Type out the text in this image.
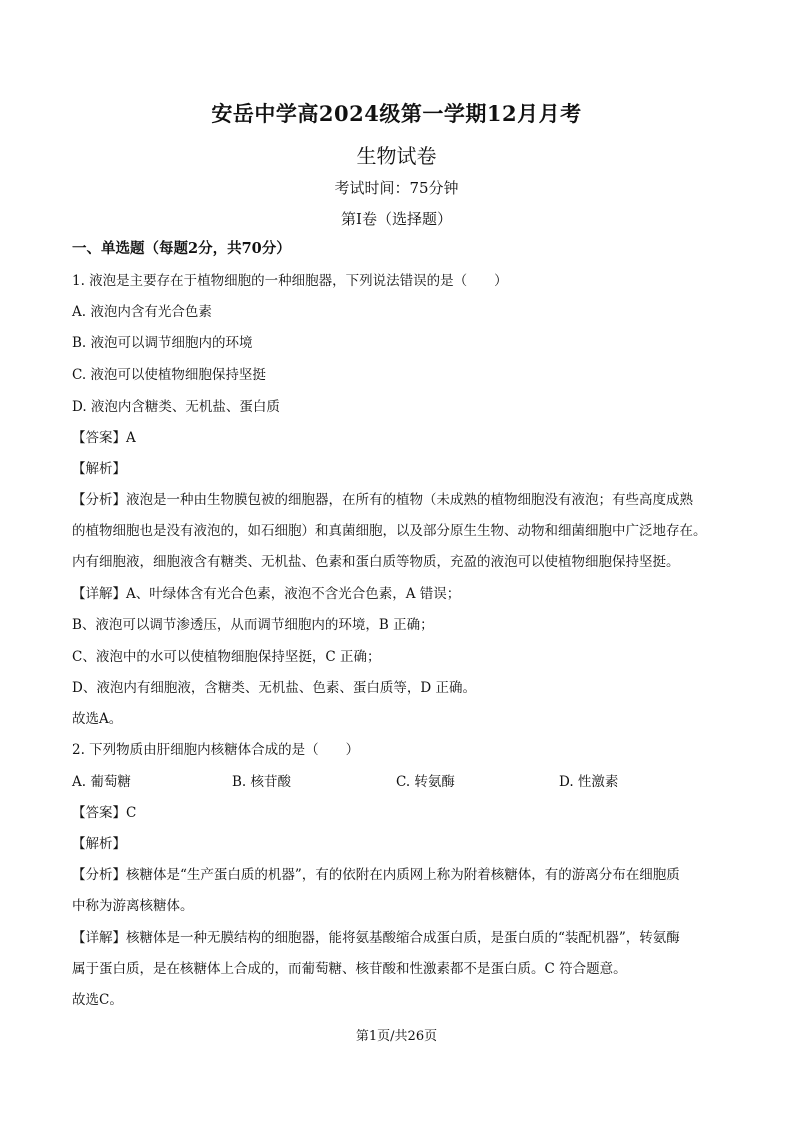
安岳中学高2024级第一学期12月月考
生物试卷
考试时间：75分钟
第I卷（选择题）
一、单选题（每题2分，共70分）
1. 液泡是主要存在于植物细胞的一种细胞器，下列说法错误的是（　　）
A. 液泡内含有光合色素
B. 液泡可以调节细胞内的环境
C. 液泡可以使植物细胞保持坚挺
D. 液泡内含糖类、无机盐、蛋白质
【答案】A
【解析】
【分析】液泡是一种由生物膜包被的细胞器，在所有的植物（未成熟的植物细胞没有液泡；有些高度成熟
的植物细胞也是没有液泡的，如石细胞）和真菌细胞，以及部分原生生物、动物和细菌细胞中广泛地存在。
内有细胞液，细胞液含有糖类、无机盐、色素和蛋白质等物质，充盈的液泡可以使植物细胞保持坚挺。
【详解】A、叶绿体含有光合色素，液泡不含光合色素，A 错误；
B、液泡可以调节渗透压，从而调节细胞内的环境，B 正确；
C、液泡中的水可以使植物细胞保持坚挺，C 正确；
D、液泡内有细胞液，含糖类、无机盐、色素、蛋白质等，D 正确。
故选A。
2. 下列物质由肝细胞内核糖体合成的是（　　）
A. 葡萄糖	B. 核苷酸	C. 转氨酶	D. 性激素
【答案】C
【解析】
【分析】核糖体是“生产蛋白质的机器”，有的依附在内质网上称为附着核糖体，有的游离分布在细胞质
中称为游离核糖体。
【详解】核糖体是一种无膜结构的细胞器，能将氨基酸缩合成蛋白质，是蛋白质的“装配机器”，转氨酶
属于蛋白质，是在核糖体上合成的，而葡萄糖、核苷酸和性激素都不是蛋白质。C 符合题意。
故选C。
第1页/共26页
